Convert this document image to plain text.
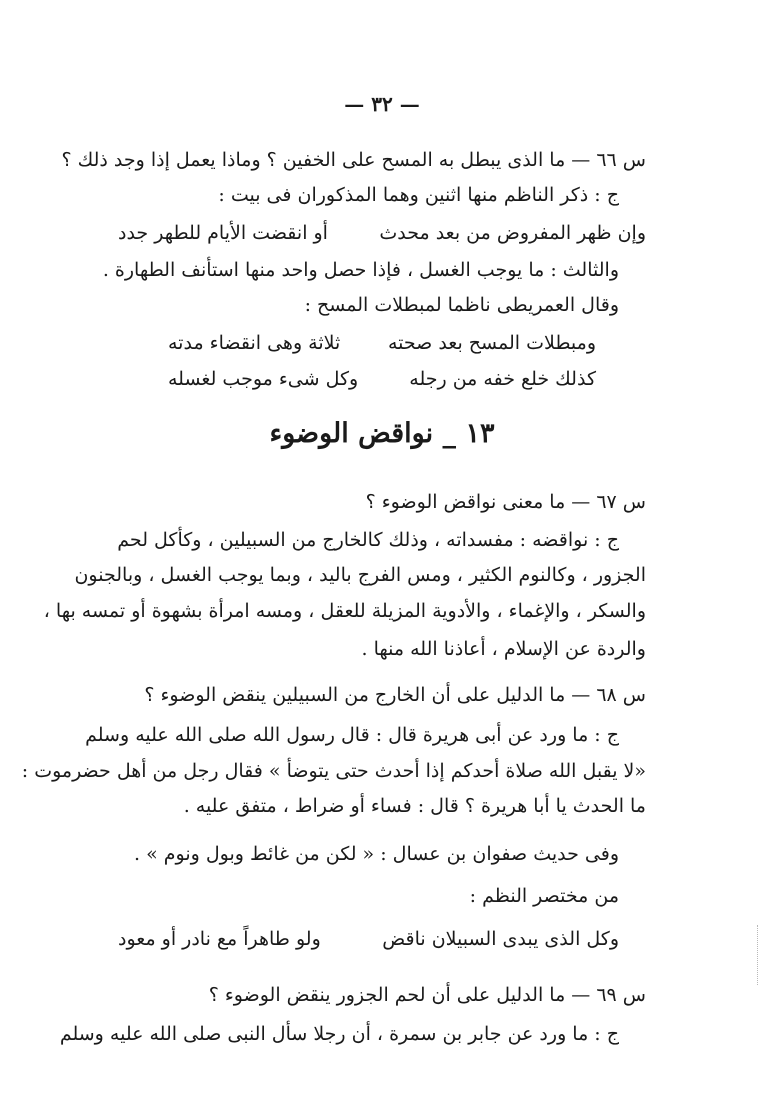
— ٣٢ —
س ٦٦ — ما الذى يبطل به المسح على الخفين ؟ وماذا يعمل إذا وجد ذلك ؟
ج : ذكر الناظم منها اثنين وهما المذكوران فى بيت :
وإن ظهر المفروض من بعد محدث
أو انقضت الأيام للطهر جدد
والثالث : ما يوجب الغسل ، فإذا حصل واحد منها استأنف الطهارة .
وقال العمريطى ناظما لمبطلات المسح :
ومبطلات المسح بعد صحته
ثلاثة وهى انقضاء مدته
كذلك خلع خفه من رجله
وكل شىء موجب لغسله
١٣ _ نواقض الوضوء
س ٦٧ — ما معنى نواقض الوضوء ؟
ج : نواقضه : مفسداته ، وذلك كالخارج من السبيلين ، وكأكل لحم
الجزور ، وكالنوم الكثير ، ومس الفرج باليد ، وبما يوجب الغسل ، وبالجنون
والسكر ، والإغماء ، والأدوية المزيلة للعقل ، ومسه امرأة بشهوة أو تمسه بها ،
والردة عن الإسلام ، أعاذنا الله منها .
س ٦٨ — ما الدليل على أن الخارج من السبيلين ينقض الوضوء ؟
ج : ما ورد عن أبى هريرة قال : قال رسول الله صلى الله عليه وسلم
«لا يقبل الله صلاة أحدكم إذا أحدث حتى يتوضأ » فقال رجل من أهل حضرموت :
ما الحدث يا أبا هريرة ؟ قال : فساء أو ضراط ، متفق عليه .
وفى حديث صفوان بن عسال : « لكن من غائط وبول ونوم » .
من مختصر النظم :
وكل الذى يبدى السبيلان ناقض
ولو طاهراً مع نادر أو معود
س ٦٩ — ما الدليل على أن لحم الجزور ينقض الوضوء ؟
ج : ما ورد عن جابر بن سمرة ، أن رجلا سأل النبى صلى الله عليه وسلم
